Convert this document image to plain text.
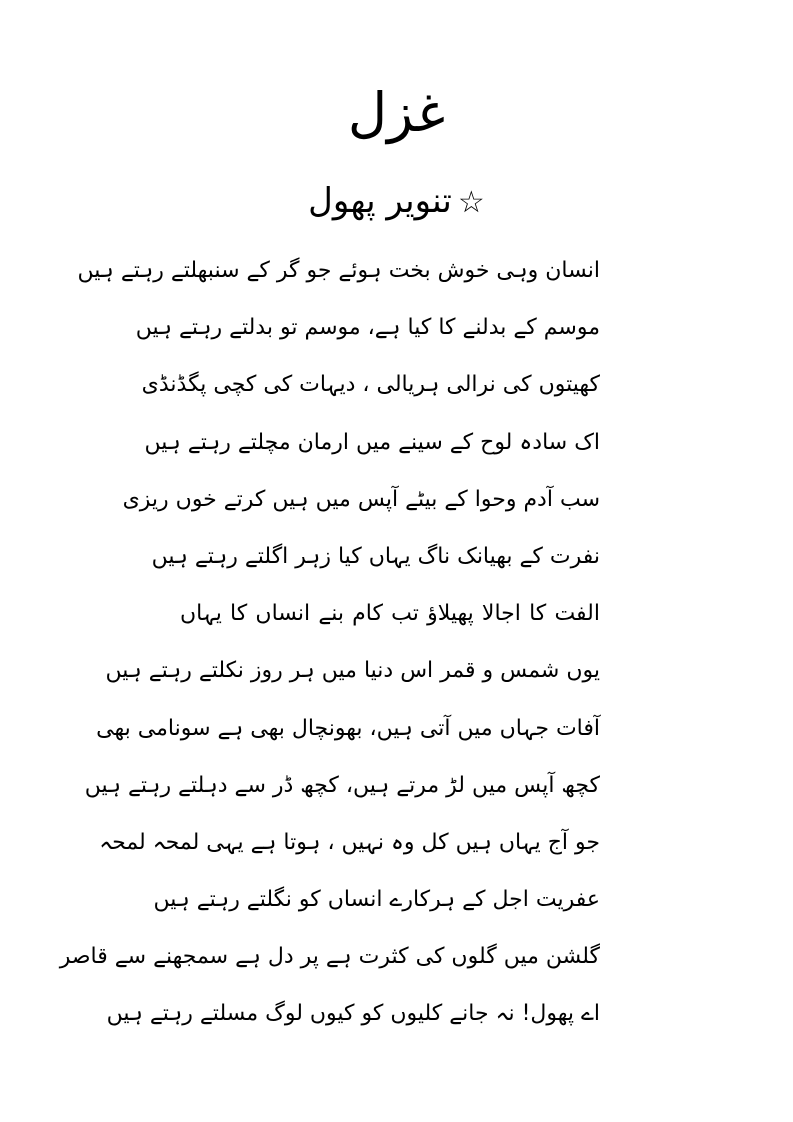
غزل
☆تنویر پھول
انسان وہی خوش بخت ہوئے جو گر کے سنبھلتے رہتے ہیں
موسم کے بدلنے کا کیا ہے، موسم تو بدلتے رہتے ہیں
کھیتوں کی نرالی ہریالی ، دیہات کی کچی پگڈنڈی
اک سادہ لوح کے سینے میں ارمان مچلتے رہتے ہیں
سب آدم وحوا کے بیٹے آپس میں ہیں کرتے خوں ریزی
نفرت کے بھیانک ناگ یہاں کیا زہر اگلتے رہتے ہیں
الفت کا اجالا پھیلاؤ تب کام بنے انساں کا یہاں
یوں شمس و قمر اس دنیا میں ہر روز نکلتے رہتے ہیں
آفات جہاں میں آتی ہیں، بھونچال بھی ہے سونامی بھی
کچھ آپس میں لڑ مرتے ہیں، کچھ ڈر سے دہلتے رہتے ہیں
جو آج یہاں ہیں کل وہ نہیں ، ہوتا ہے یہی لمحہ لمحہ
عفریت اجل کے ہرکارے انساں کو نگلتے رہتے ہیں
گلشن میں گلوں کی کثرت ہے پر دل ہے سمجھنے سے قاصر
اے پھول! نہ جانے کلیوں کو کیوں لوگ مسلتے رہتے ہیں
